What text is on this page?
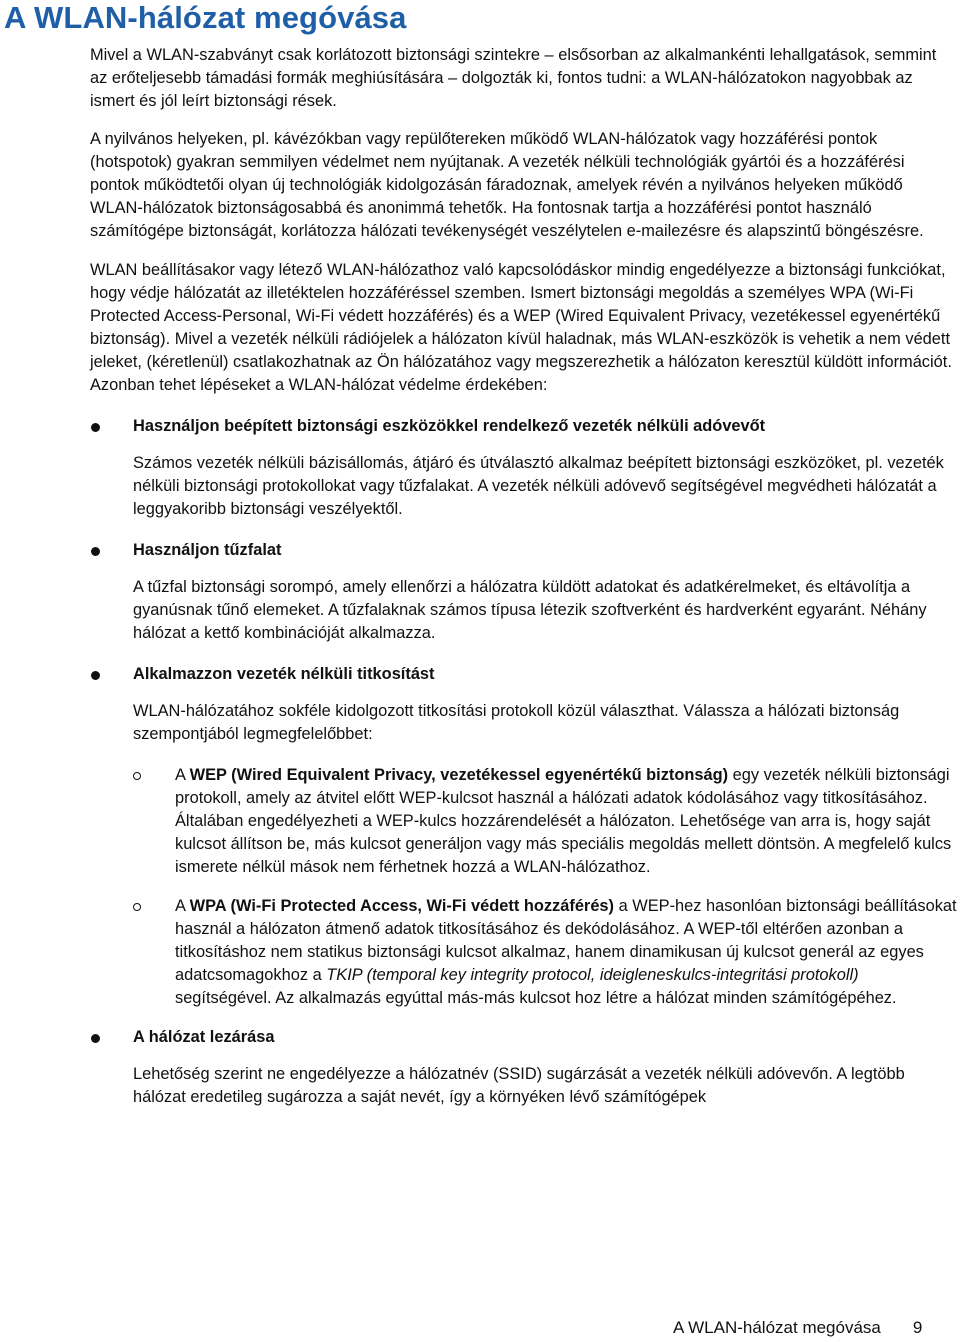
A WLAN-hálózat megóvása

Mivel a WLAN-szabványt csak korlátozott biztonsági szintekre – elsősorban az alkalmankénti lehallgatások, semmint az erőteljesebb támadási formák meghiúsítására – dolgozták ki, fontos tudni: a WLAN-hálózatokon nagyobbak az ismert és jól leírt biztonsági rések.

A nyilvános helyeken, pl. kávézókban vagy repülőtereken működő WLAN-hálózatok vagy hozzáférési pontok (hotspotok) gyakran semmilyen védelmet nem nyújtanak. A vezeték nélküli technológiák gyártói és a hozzáférési pontok működtetői olyan új technológiák kidolgozásán fáradoznak, amelyek révén a nyilvános helyeken működő WLAN-hálózatok biztonságosabbá és anonimmá tehetők. Ha fontosnak tartja a hozzáférési pontot használó számítógépe biztonságát, korlátozza hálózati tevékenységét veszélytelen e-mailezésre és alapszintű böngészésre.

WLAN beállításakor vagy létező WLAN-hálózathoz való kapcsolódáskor mindig engedélyezze a biztonsági funkciókat, hogy védje hálózatát az illetéktelen hozzáféréssel szemben. Ismert biztonsági megoldás a személyes WPA (Wi-Fi Protected Access-Personal, Wi-Fi védett hozzáférés) és a WEP (Wired Equivalent Privacy, vezetékessel egyenértékű biztonság). Mivel a vezeték nélküli rádiójelek a hálózaton kívül haladnak, más WLAN-eszközök is vehetik a nem védett jeleket, (kéretlenül) csatlakozhatnak az Ön hálózatához vagy megszerezhetik a hálózaton keresztül küldött információt. Azonban tehet lépéseket a WLAN-hálózat védelme érdekében:

Használjon beépített biztonsági eszközökkel rendelkező vezeték nélküli adóvevőt

Számos vezeték nélküli bázisállomás, átjáró és útválasztó alkalmaz beépített biztonsági eszközöket, pl. vezeték nélküli biztonsági protokollokat vagy tűzfalakat. A vezeték nélküli adóvevő segítségével megvédheti hálózatát a leggyakoribb biztonsági veszélyektől.

Használjon tűzfalat

A tűzfal biztonsági sorompó, amely ellenőrzi a hálózatra küldött adatokat és adatkérelmeket, és eltávolítja a gyanúsnak tűnő elemeket. A tűzfalaknak számos típusa létezik szoftverként és hardverként egyaránt. Néhány hálózat a kettő kombinációját alkalmazza.

Alkalmazzon vezeték nélküli titkosítást

WLAN-hálózatához sokféle kidolgozott titkosítási protokoll közül választhat. Válassza a hálózati biztonság szempontjából legmegfelelőbbet:

A WEP (Wired Equivalent Privacy, vezetékessel egyenértékű biztonság) egy vezeték nélküli biztonsági protokoll, amely az átvitel előtt WEP-kulcsot használ a hálózati adatok kódolásához vagy titkosításához. Általában engedélyezheti a WEP-kulcs hozzárendelését a hálózaton. Lehetősége van arra is, hogy saját kulcsot állítson be, más kulcsot generáljon vagy más speciális megoldás mellett döntsön. A megfelelő kulcs ismerete nélkül mások nem férhetnek hozzá a WLAN-hálózathoz.

A WPA (Wi-Fi Protected Access, Wi-Fi védett hozzáférés) a WEP-hez hasonlóan biztonsági beállításokat használ a hálózaton átmenő adatok titkosításához és dekódolásához. A WEP-től eltérően azonban a titkosításhoz nem statikus biztonsági kulcsot alkalmaz, hanem dinamikusan új kulcsot generál az egyes adatcsomagokhoz a TKIP (temporal key integrity protocol, ideigleneskulcs-integritási protokoll) segítségével. Az alkalmazás egyúttal más-más kulcsot hoz létre a hálózat minden számítógépéhez.

A hálózat lezárása

Lehetőség szerint ne engedélyezze a hálózatnév (SSID) sugárzását a vezeték nélküli adóvevőn. A legtöbb hálózat eredetileg sugározza a saját nevét, így a környéken lévő számítógépek

A WLAN-hálózat megóvása 9
